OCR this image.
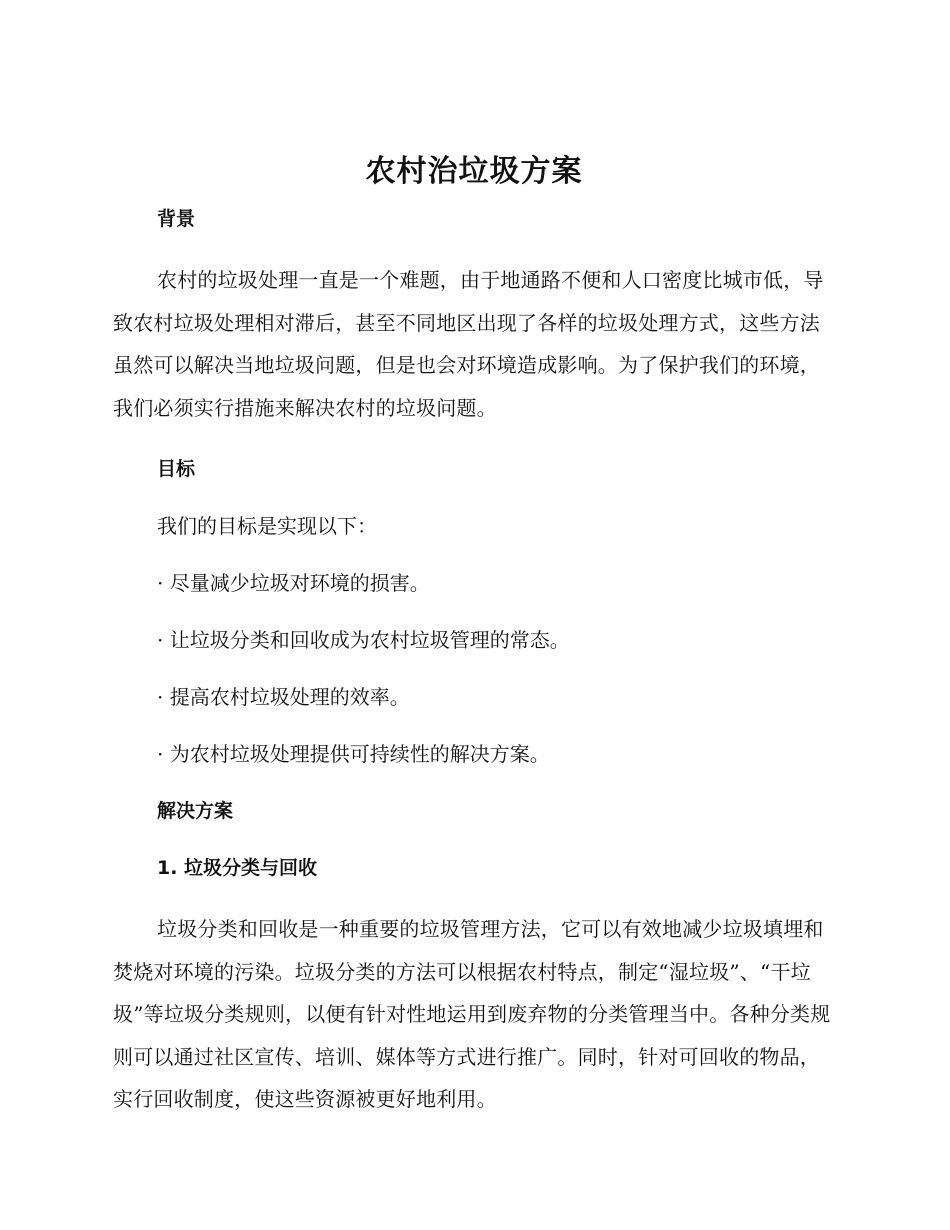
农村治垃圾方案
背景

农村的垃圾处理一直是一个难题，由于地通路不便和人口密度比城市低，导致农村垃圾处理相对滞后，甚至不同地区出现了各样的垃圾处理方式，这些方法虽然可以解决当地垃圾问题，但是也会对环境造成影响。为了保护我们的环境，我们必须实行措施来解决农村的垃圾问题。

目标

我们的目标是实现以下：

· 尽量减少垃圾对环境的损害。

· 让垃圾分类和回收成为农村垃圾管理的常态。

· 提高农村垃圾处理的效率。

· 为农村垃圾处理提供可持续性的解决方案。

解决方案
1. 垃圾分类与回收

垃圾分类和回收是一种重要的垃圾管理方法，它可以有效地减少垃圾填埋和焚烧对环境的污染。垃圾分类的方法可以根据农村特点，制定“湿垃圾”、“干垃圾”等垃圾分类规则，以便有针对性地运用到废弃物的分类管理当中。各种分类规则可以通过社区宣传、培训、媒体等方式进行推广。同时，针对可回收的物品，实行回收制度，使这些资源被更好地利用。
